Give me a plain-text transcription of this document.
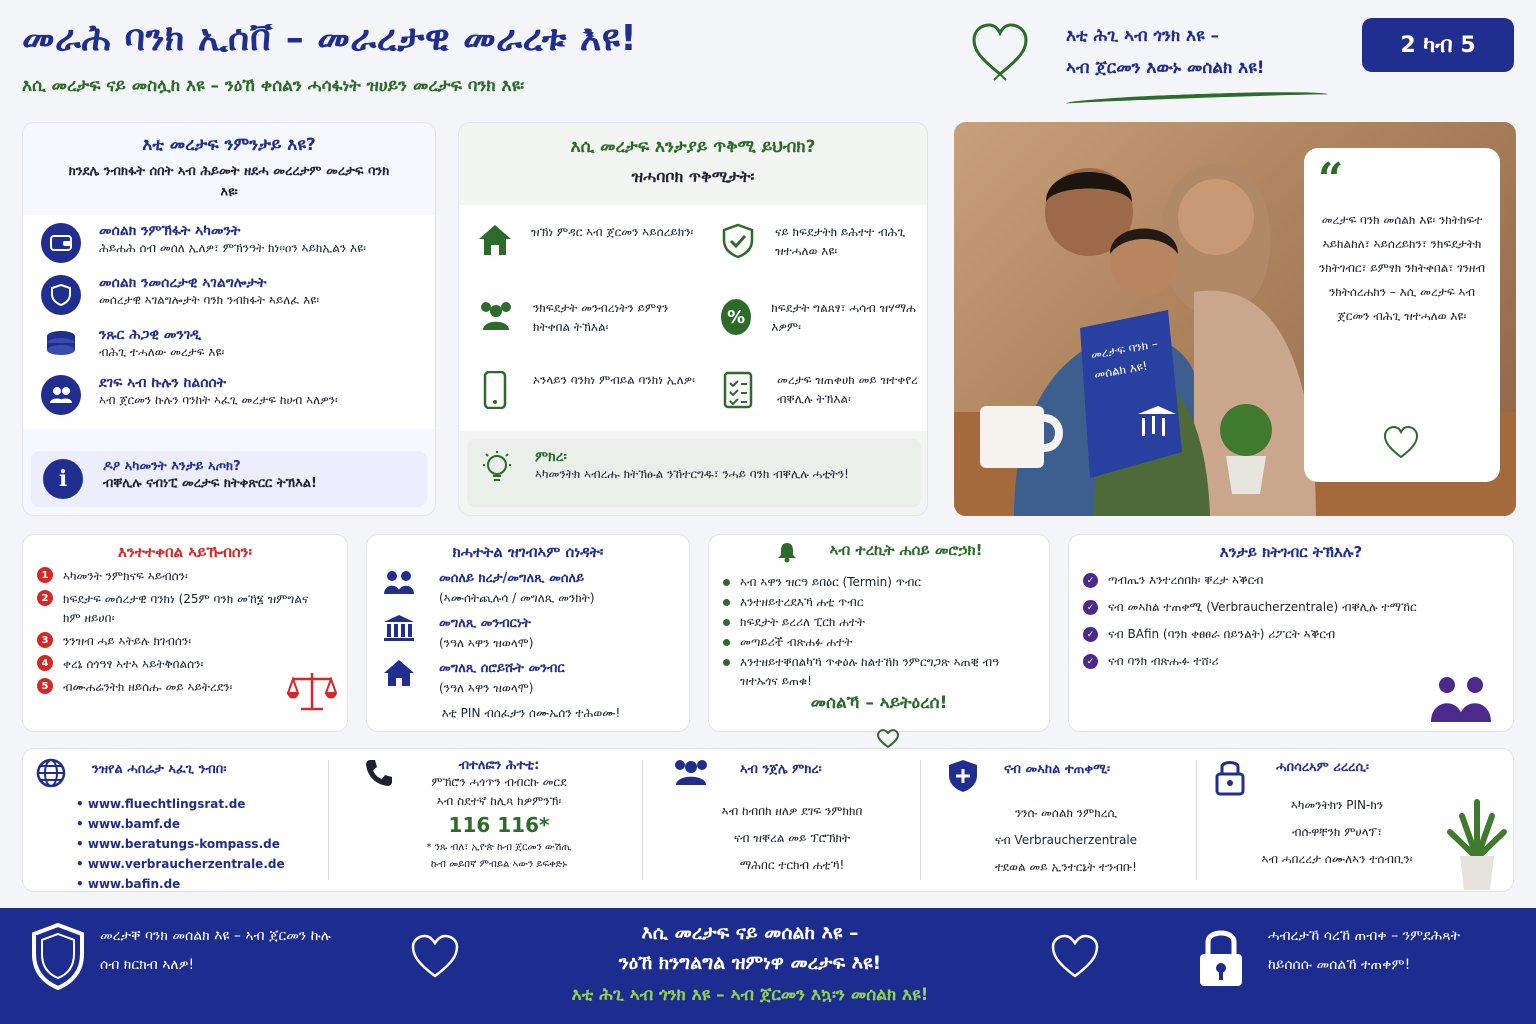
መራሕ ባንክ ኢሰቨ – መራረታዊ መራረቱ እዩ!
እሲ መረታፍ ናይ መስሏከ እዩ – ንዕኸ ቀሰልን ሓሳፋነት ዝሀይን መረታፍ ባንክ እዩ፡
እቲ ሕጊ ኣብ ጎንክ እዩ –
ኣብ ጀርመን እውኑ መሰልክ እዩ!
2 ካብ 5
እቲ መረታፍ ንምንታይ እዩ?
ክንደሌ ንብክፋት ሰበት ኣብ ሕይመት ዘደሓ መረረታም መረታፍ ባንክ እዩ፡
መሰልክ ንምኽፋት ኣካመንት
ሕይሐሕ ሰብ መሰለ ኢለዎ፣ ምኽንዓት ክነ፡፡ዐን ኣይክኢልን እዩ፡
መሰልክ ንመሰረታዊ ኣገልግሎታት
መሰረታዊ ኣገልግሎታት ባንክ ንብክፋት ኣይለፈ እዩ፡
ንጹር ሕጋዊ መንገዲ
ብሕጊ ተሓለው መረታፍ እዩ፡
ደገፍ ኣብ ኩሉን ከልሰሰት
ኣብ ጀርመን ኩሉን ባንከት ኣፈጊ መረታፍ ከሀብ ኣለዎን፡
i	ዶዖ ኣካመንት እንታይ ኣጦክ?
ብቐሊሉ ናብነፒ መረታፍ ክትቀጽርር ትኽእል!
እሲ መረታፍ እንታያይ ጥቅሚ ይህብክ?
ዝሓባቦክ ጥቅሚታት፡
ዝኽነ ምዳር ኣብ ጀርመን ኣይሰረይክን፡
ንክፍደታት መንብረነትን ይምፃን ክትቀበል ትኽእል፡
ኦንላይን ባንክነ ምብይል ባንክነ ኢለዎ፡
ናይ ክፍደታትክ ይሕተተ ብሕጊ ዝተሓለወ እዩ፡
%	ክፍደታት ግልጸፃ፣ ሓሳብ ዝሃማሐ እዎም፡
መረታፍ ዝጠቀሀክ መይ ዝተቀየረ ብቐሊሉ ትኽእል፡
ምክረ፡
ኣካመንትክ ኣብረሑ ክትኽፁል ንኸተርግዱ፣ ንሓይ ባንክ ብቐሊሉ ሓቲትን!
መረታፍ ባንክ – መሰልክ እዩ!
“
መረታፍ ባንክ መሰልክ እዩ፡ ንክትክፍተ ኣይክልከለ፣ ኣይሰረይክን፣ ንክፍደታትክ ንክትገብር፣ ይምፃክ ንክትቀበል፣ ገንዘብ ንክትሰረሐክን – እሲ መረታፍ ኣብ ጀርመን ብሕጊ ዝተሓለወ እዩ፡
እንተተቀበል ኣይኹብሰን፡
1	ኣካመንት ንምክናፍ ኣይብሰን፡
2	ክፍደታፍ መሰረታዊ ባንክነ (25ም ባንክ መኸ፮ ዝምግልና ክም ዘይሀበ፡
3	ንንዝብ ሓይ ኣትይሉ ክገብሰን፡
4	ቀረኔ ሰጎዓፃ ኣተኣ ኣይትቅበልሰን፡
5	ብሙሐሬንትክ ዘይሰሑ መይ ኣይትረደን፡
ክሓተትል ዝገብኣም ሰነዳት፡
መሰለይ ክረታ/መግለጺ መሰለይ
(ኣሙሰትጪሉሳ / መግለጺ መንክት)
መግለጺ መንብርነት
(ንዓለ ኣዋን ዝወላሞ)
መግለጺ ሰሮይሹት መንብር
(ንዓለ ኣዋን ዝወላሞ)
እቲ PIN ብሰፈታን ሰሙኤሰን ተሕወሙ!
ኣብ ተረኪት ሐሰይ መሮኃክ!
ኣብ ኣዋን ዝርዓ ይበዕር (Termin) ጥብር
እንተዘይተረደእኻ ሐቲ ጥብር
ክፍደታት ይረሪለ ፒርክ ሐተት
መጣይሪች ብጽሐፉ ሐተት
እንተዘይተቐበልካኻ ጥቀዕሉ ከልተኸክ ንምርግጋጽ ኣጠቒ ብዓ ዝተኡጎና ይጠቁ!
መሰልኻ – ኣይትዕረሰ!
እንታይ ክትገብር ትኽእሉ?
✓	ጣብጤን እንተረሰበክ፡ ቐረታ ኣቕርብ
✓	ናብ መኣከል ተጠቀሚ (Verbraucherzentrale) ብቐሊሉ ተማኸር
✓	ናብ BAfin (ባንክ ቀፀፀራ በይንልት) ሪፖርት ኣቕርብ
✓	ናብ ባንክ ብጽሑፉ ተሸ፡ሪ
ንዝየል ሓበሬታ ኣፈጊ ንብበ፡
• www.fluechtlingsrat.de
• www.bamf.de
• www.beratungs-kompass.de
• www.verbraucherzentrale.de
• www.bafin.de
ብተለፎን ሕተቲ:
ምኽሮን ሓጎጥን ብብርኩ መርደ
ኣብ ስደተኛ ከሊጻ ክዎምንኽ፡
116 116*
* ንጹ ብለ፣ ኢዮጵ ኩብ ጀርመን ውሽጢ
ኩብ መይበኛ ምብይል ኣውን ይፍቀድኑ
ኣብ ንጀሌ ምክረ፡
ኣብ ከብበክ ዘለዎ ደገፍ ንምክክበ
ናብ ዝቐረል መይ ፕሮኽክት
ማሕበር ተርክብ ሐቲኻ!
ናብ መኣከል ተጠቀሚ፡
ንንሱ መሰልክ ንምክረሲ
ናብ Verbraucherzentrale
ተደወል መይ ኢንተርኔት ተንብቡ!
ሓበሳረኣም ሪረረሲ፡
ኣካመንትክን PIN-ክን
ብሱዋቸንክ ምሀላፕ፣
ኣብ ሓበረረታ ሰሙለኣን ተሰብቢን፡
መረታቐ ባንክ መሰልክ እዩ – ኣብ ጀርመን ኩሉ ሰብ ክርክብ ኣለዎ!
እሲ መረታፍ ናይ መሰልከ እዩ –
ንዕኸ ክንግልግል ዝምነዋ መረታፍ እዩ!
እቲ ሕጊ ኣብ ጎንክ እዩ – ኣብ ጀርመን እኳ፡ን መሰልክ እዩ!
ሓብረታኸ ሳረኸ ጠብቀ – ንምደሕጻት ከይሰሰሱ መሰልኸ ተጠቀም!
